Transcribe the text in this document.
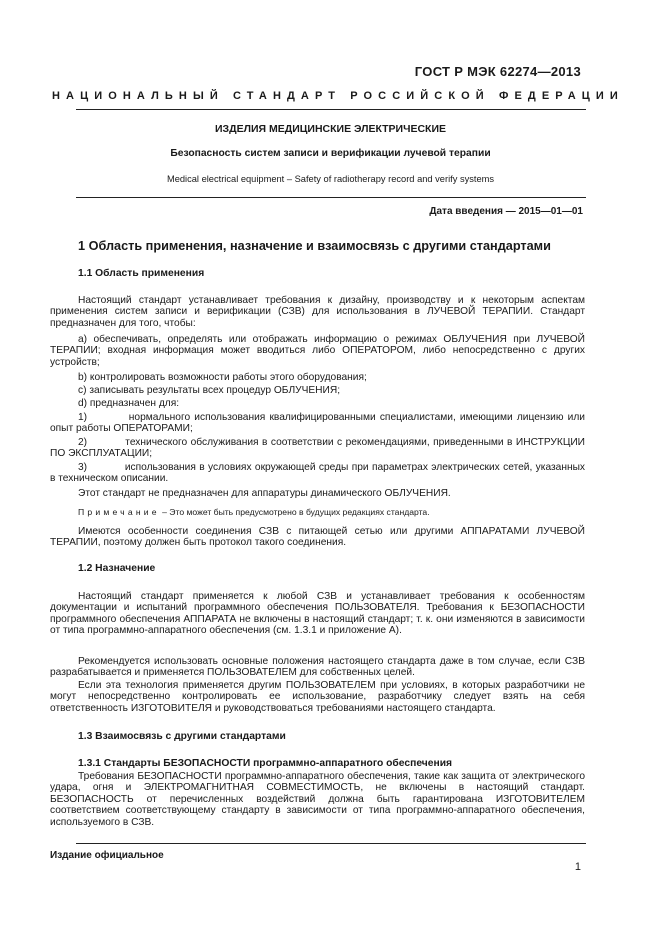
ГОСТ Р МЭК 62274—2013
НАЦИОНАЛЬНЫЙ СТАНДАРТ РОССИЙСКОЙ ФЕДЕРАЦИИ
ИЗДЕЛИЯ МЕДИЦИНСКИЕ ЭЛЕКТРИЧЕСКИЕ
Безопасность систем записи и верификации лучевой терапии
Medical electrical equipment – Safety of radiotherapy record and verify systems
Дата введения — 2015—01—01
1 Область применения, назначение и взаимосвязь с другими стандартами
1.1 Область применения

Настоящий стандарт устанавливает требования к дизайну, производству и к некоторым аспектам применения систем записи и верификации (СЗВ) для использования в ЛУЧЕВОЙ ТЕРАПИИ. Стандарт предназначен для того, чтобы:

a) обеспечивать, определять или отображать информацию о режимах ОБЛУЧЕНИЯ при ЛУЧЕВОЙ ТЕРАПИИ; входная информация может вводиться либо ОПЕРАТОРОМ, либо непосредственно с других устройств;

b) контролировать возможности работы этого оборудования;

c) записывать результаты всех процедур ОБЛУЧЕНИЯ;

d) предназначен для:

1)	нормального использования квалифицированными специалистами, имеющими лицензию или опыт работы ОПЕРАТОРАМИ;

2)	технического обслуживания в соответствии с рекомендациями, приведенными в ИНСТРУКЦИИ ПО ЭКСПЛУАТАЦИИ;

3)	использования в условиях окружающей среды при параметрах электрических сетей, указанных в техническом описании.

Этот стандарт не предназначен для аппаратуры динамического ОБЛУЧЕНИЯ.

Примечание – Это может быть предусмотрено в будущих редакциях стандарта.

Имеются особенности соединения СЗВ с питающей сетью или другими АППАРАТАМИ ЛУЧЕВОЙ ТЕРАПИИ, поэтому должен быть протокол такого соединения.

1.2 Назначение

Настоящий стандарт применяется к любой СЗВ и устанавливает требования к особенностям документации и испытаний программного обеспечения ПОЛЬЗОВАТЕЛЯ. Требования к БЕЗОПАСНОСТИ программного обеспечения АППАРАТА не включены в настоящий стандарт; т. к. они изменяются в зависимости от типа программно-аппаратного обеспечения (см. 1.3.1 и приложение А).

Рекомендуется использовать основные положения настоящего стандарта даже в том случае, если СЗВ разрабатывается и применяется ПОЛЬЗОВАТЕЛЕМ для собственных целей.

Если эта технология применяется другим ПОЛЬЗОВАТЕЛЕМ при условиях, в которых разработчики не могут непосредственно контролировать ее использование, разработчику следует взять на себя ответственность ИЗГОТОВИТЕЛЯ и руководствоваться требованиями настоящего стандарта.

1.3 Взаимосвязь с другими стандартами
1.3.1 Стандарты БЕЗОПАСНОСТИ программно-аппаратного обеспечения

Требования БЕЗОПАСНОСТИ программно-аппаратного обеспечения, такие как защита от электрического удара, огня и ЭЛЕКТРОМАГНИТНАЯ СОВМЕСТИМОСТЬ, не включены в настоящий стандарт. БЕЗОПАСНОСТЬ от перечисленных воздействий должна быть гарантирована ИЗГОТОВИТЕЛЕМ соответствием соответствующему стандарту в зависимости от типа программно-аппаратного обеспечения, используемого в СЗВ.

Издание официальное
1
